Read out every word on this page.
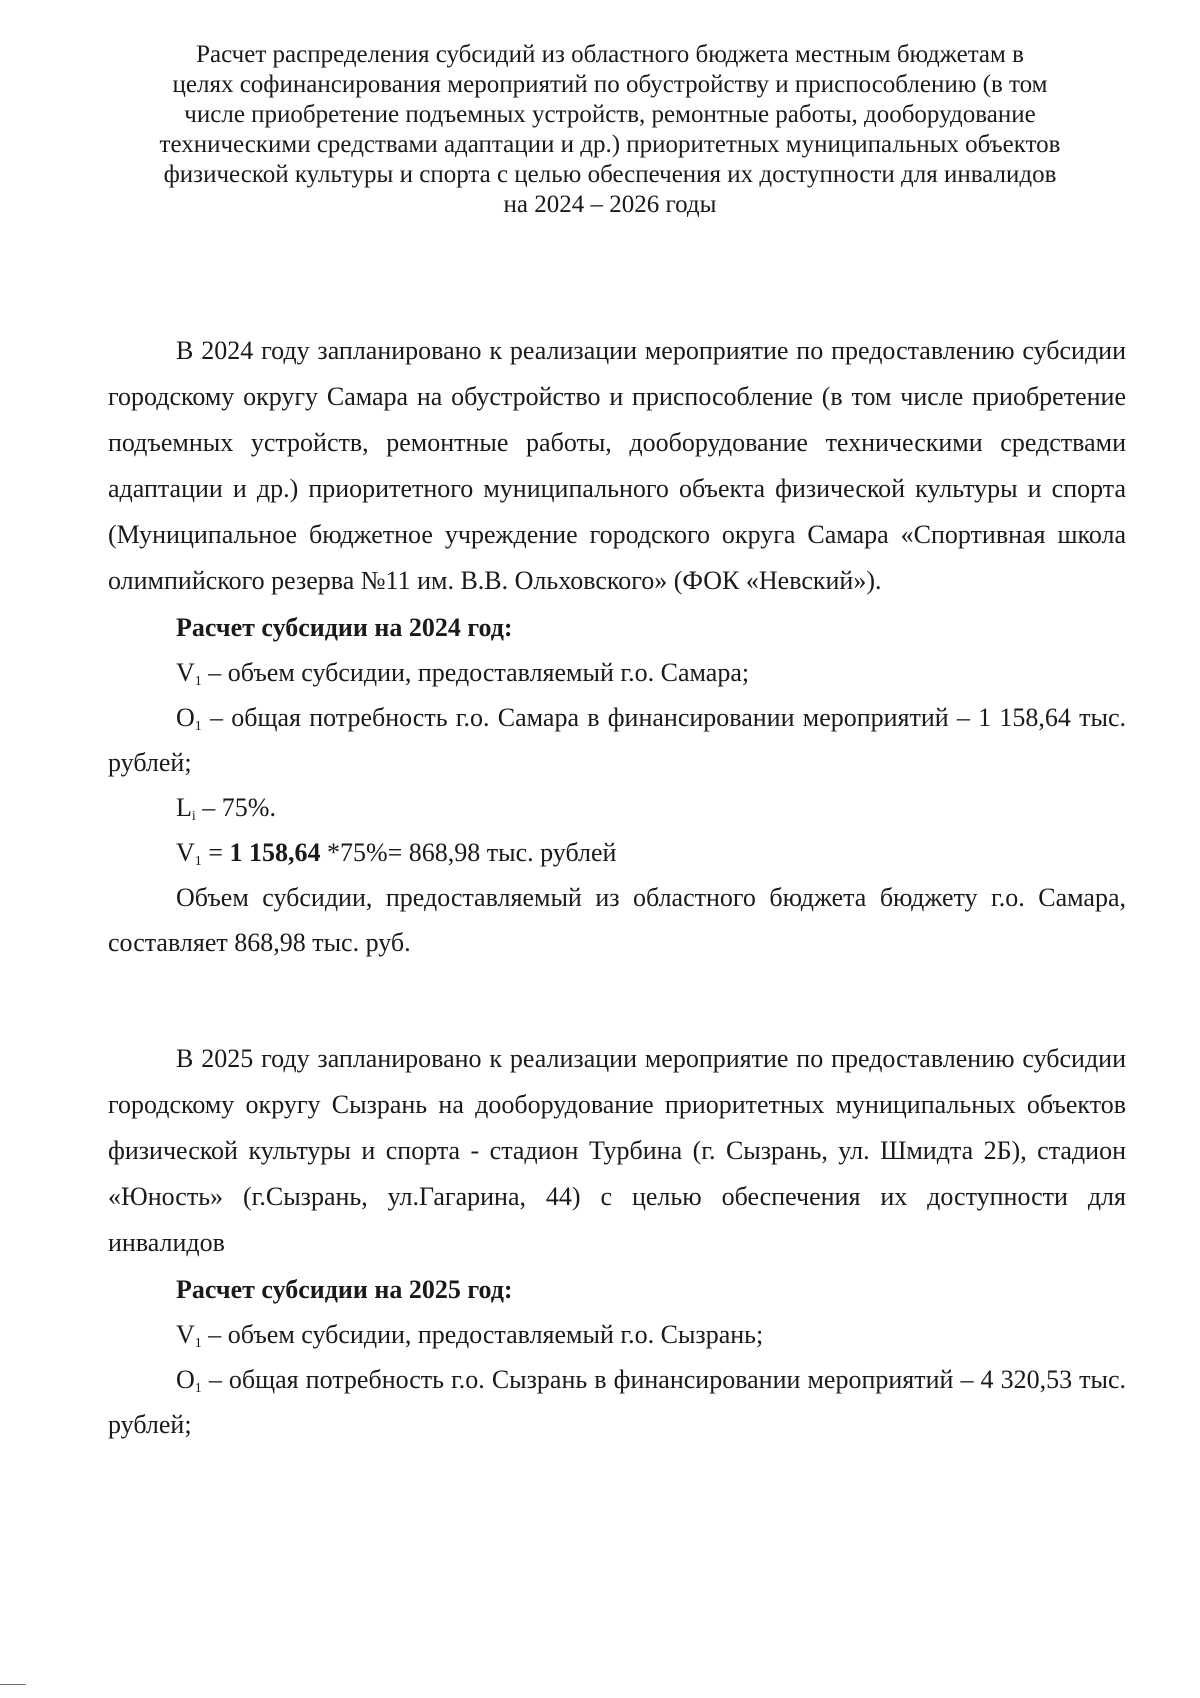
Расчет распределения субсидий из областного бюджета местным бюджетам в
целях софинансирования мероприятий по обустройству и приспособлению (в том
числе приобретение подъемных устройств, ремонтные работы, дооборудование
техническими средствами адаптации и др.) приоритетных муниципальных объектов
физической культуры и спорта с целью обеспечения их доступности для инвалидов
на 2024 – 2026 годы
В 2024 году запланировано к реализации мероприятие по предоставлению субсидии городскому округу Самара на обустройство и приспособление (в том числе приобретение подъемных устройств, ремонтные работы, дооборудование техническими средствами адаптации и др.) приоритетного муниципального объекта физической культуры и спорта (Муниципальное бюджетное учреждение городского округа Самара «Спортивная школа олимпийского резерва №11 им. В.В. Ольховского» (ФОК «Невский»).
Расчет субсидии на 2024 год:
$V_1$ – объем субсидии, предоставляемый г.о. Самара;
$O_1$ – общая потребность г.о. Самара в финансировании мероприятий – 1 158,64 тыс. рублей;
$L_i - 75\%$.
$V_1 = 1$ 158,64 *75%= 868,98 тыс. рублей
Объем субсидии, предоставляемый из областного бюджета бюджету г.о. Самара, составляет 868,98 тыс. руб.
В 2025 году запланировано к реализации мероприятие по предоставлению субсидии городскому округу Сызрань на дооборудование приоритетных муниципальных объектов физической культуры и спорта - стадион Турбина (г. Сызрань, ул. Шмидта 2Б), стадион «Юность» (г.Сызрань, ул.Гагарина, 44) с целью обеспечения их доступности для инвалидов
Расчет субсидии на 2025 год:
$V_1$ – объем субсидии, предоставляемый г.о. Сызрань;
$O_1$ – общая потребность г.о. Сызрань в финансировании мероприятий – 4 320,53 тыс. рублей;
